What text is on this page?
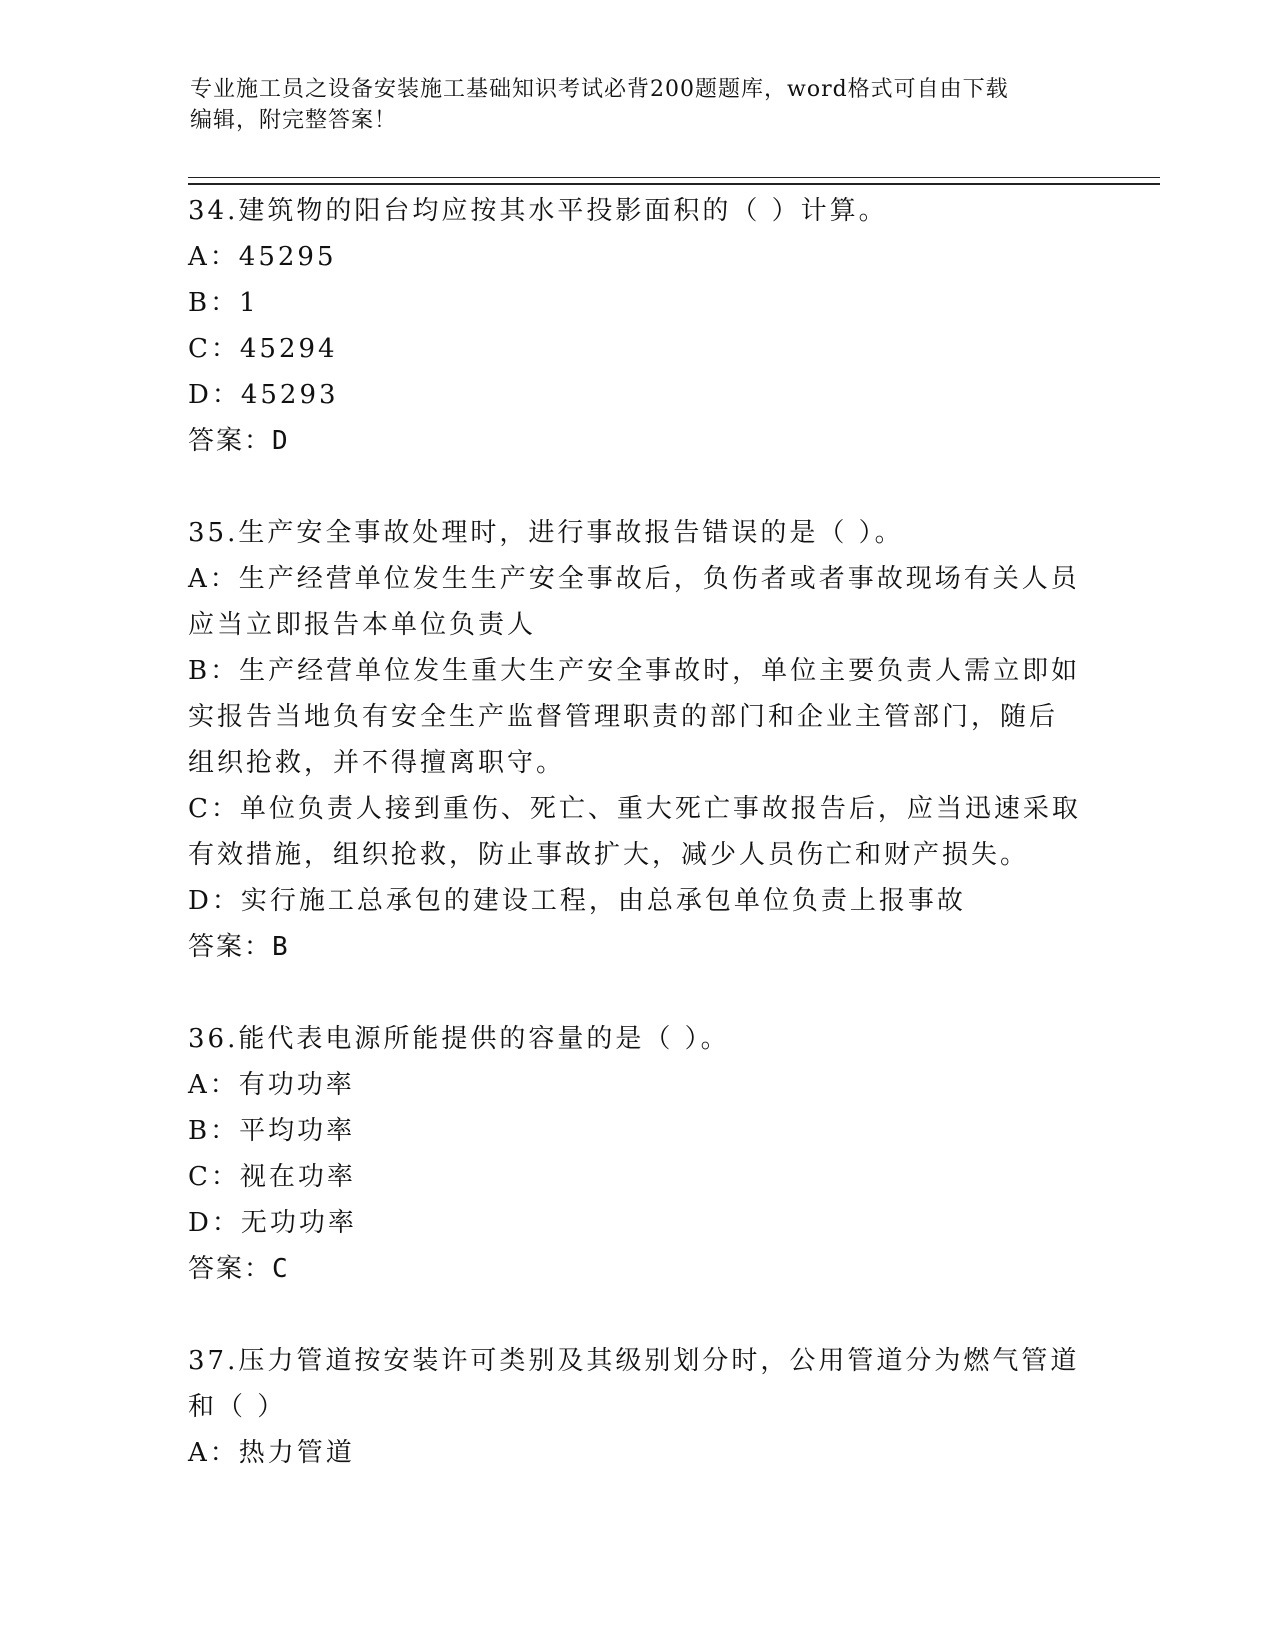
专业施工员之设备安装施工基础知识考试必背200题题库，word格式可自由下载
编辑，附完整答案！
34.建筑物的阳台均应按其水平投影面积的（ ）计算。
A：45295
B：1
C：45294
D：45293
答案：D
35.生产安全事故处理时，进行事故报告错误的是（ ）。
A：生产经营单位发生生产安全事故后，负伤者或者事故现场有关人员
应当立即报告本单位负责人
B：生产经营单位发生重大生产安全事故时，单位主要负责人需立即如
实报告当地负有安全生产监督管理职责的部门和企业主管部门，随后
组织抢救，并不得擅离职守。
C：单位负责人接到重伤、死亡、重大死亡事故报告后，应当迅速采取
有效措施，组织抢救，防止事故扩大，减少人员伤亡和财产损失。
D：实行施工总承包的建设工程，由总承包单位负责上报事故
答案：B
36.能代表电源所能提供的容量的是（ ）。
A：有功功率
B：平均功率
C：视在功率
D：无功功率
答案：C
37.压力管道按安装许可类别及其级别划分时，公用管道分为燃气管道
和（ ）
A：热力管道
